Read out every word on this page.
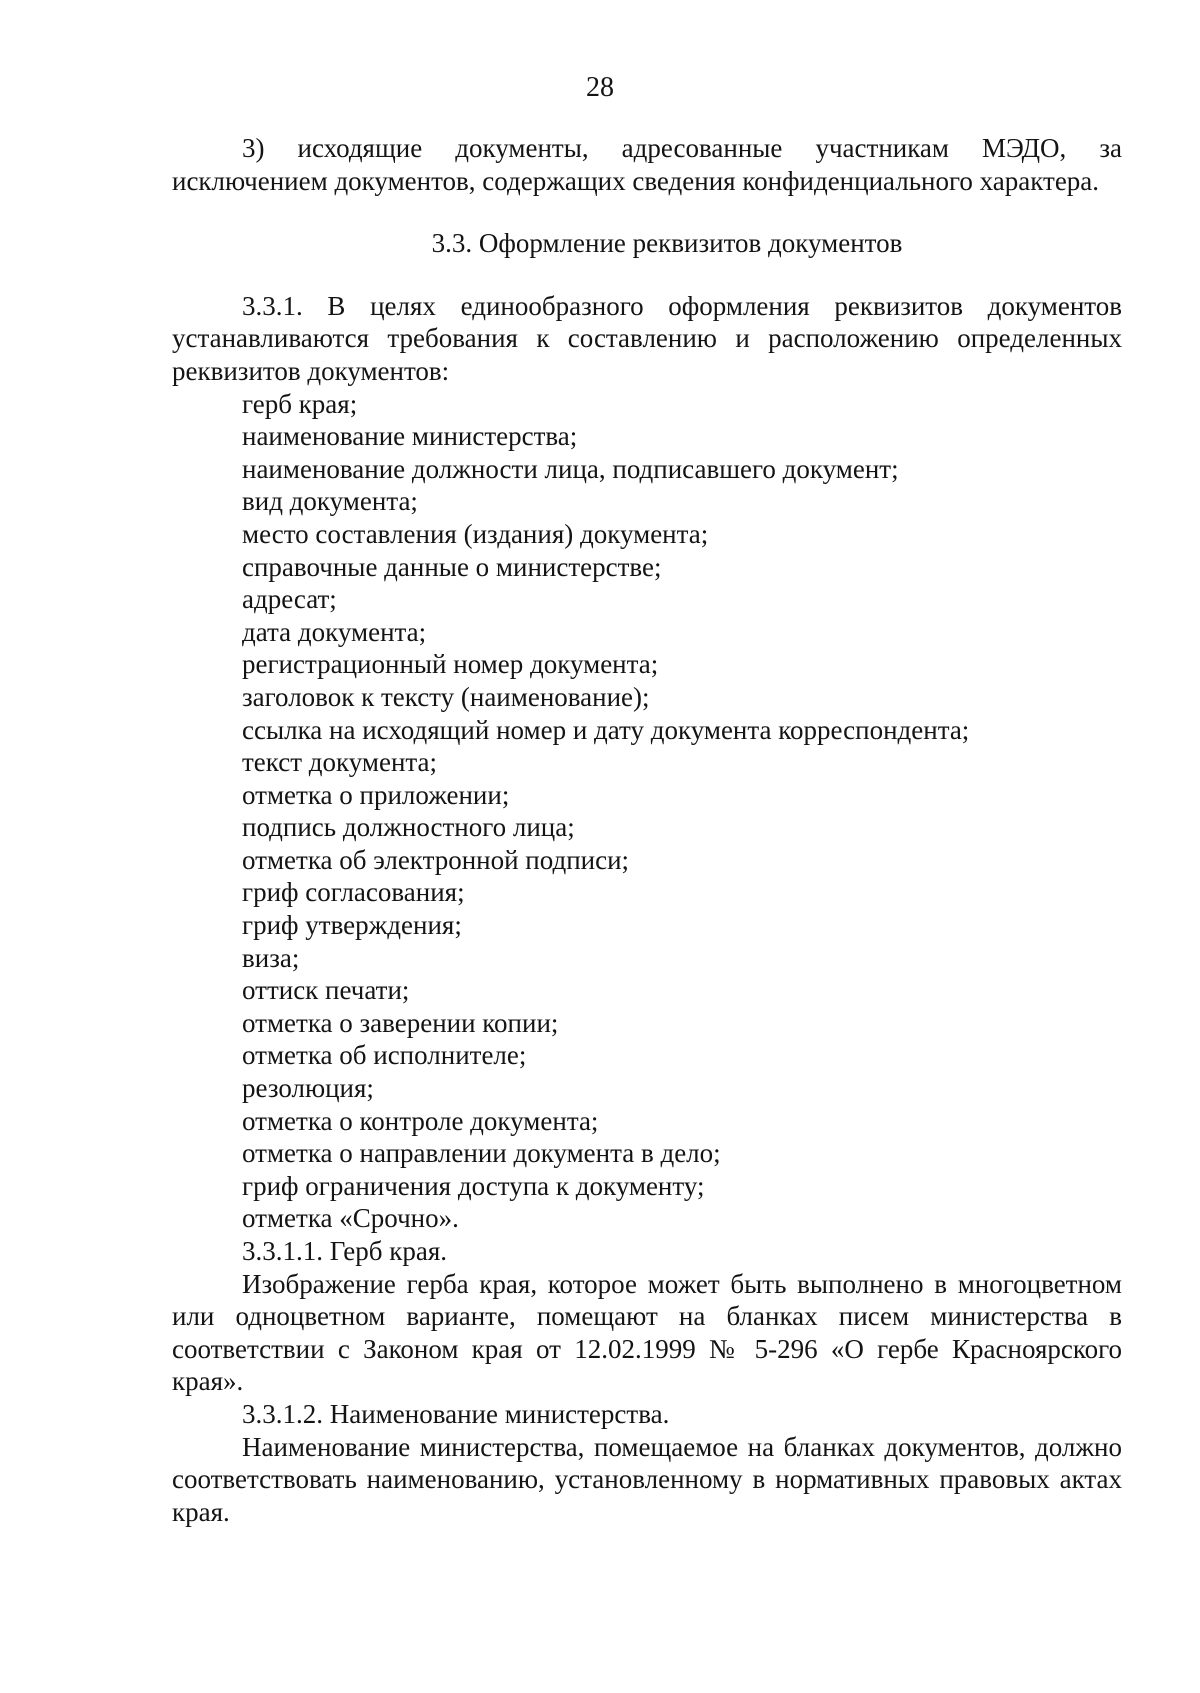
28

3) исходящие документы, адресованные участникам МЭДО, за исключением документов, содержащих сведения конфиденциального характера.

3.3. Оформление реквизитов документов

3.3.1. В целях единообразного оформления реквизитов документов устанавливаются требования к составлению и расположению определенных реквизитов документов:

герб края;
наименование министерства;
наименование должности лица, подписавшего документ;
вид документа;
место составления (издания) документа;
справочные данные о министерстве;
адресат;
дата документа;
регистрационный номер документа;
заголовок к тексту (наименование);
ссылка на исходящий номер и дату документа корреспондента;
текст документа;
отметка о приложении;
подпись должностного лица;
отметка об электронной подписи;
гриф согласования;
гриф утверждения;
виза;
оттиск печати;
отметка о заверении копии;
отметка об исполнителе;
резолюция;
отметка о контроле документа;
отметка о направлении документа в дело;
гриф ограничения доступа к документу;
отметка «Срочно».

3.3.1.1. Герб края.

Изображение герба края, которое может быть выполнено в многоцветном или одноцветном варианте, помещают на бланках писем министерства в соответствии с Законом края от 12.02.1999 № 5-296 «О гербе Красноярского края».

3.3.1.2. Наименование министерства.

Наименование министерства, помещаемое на бланках документов, должно соответствовать наименованию, установленному в нормативных правовых актах края.
